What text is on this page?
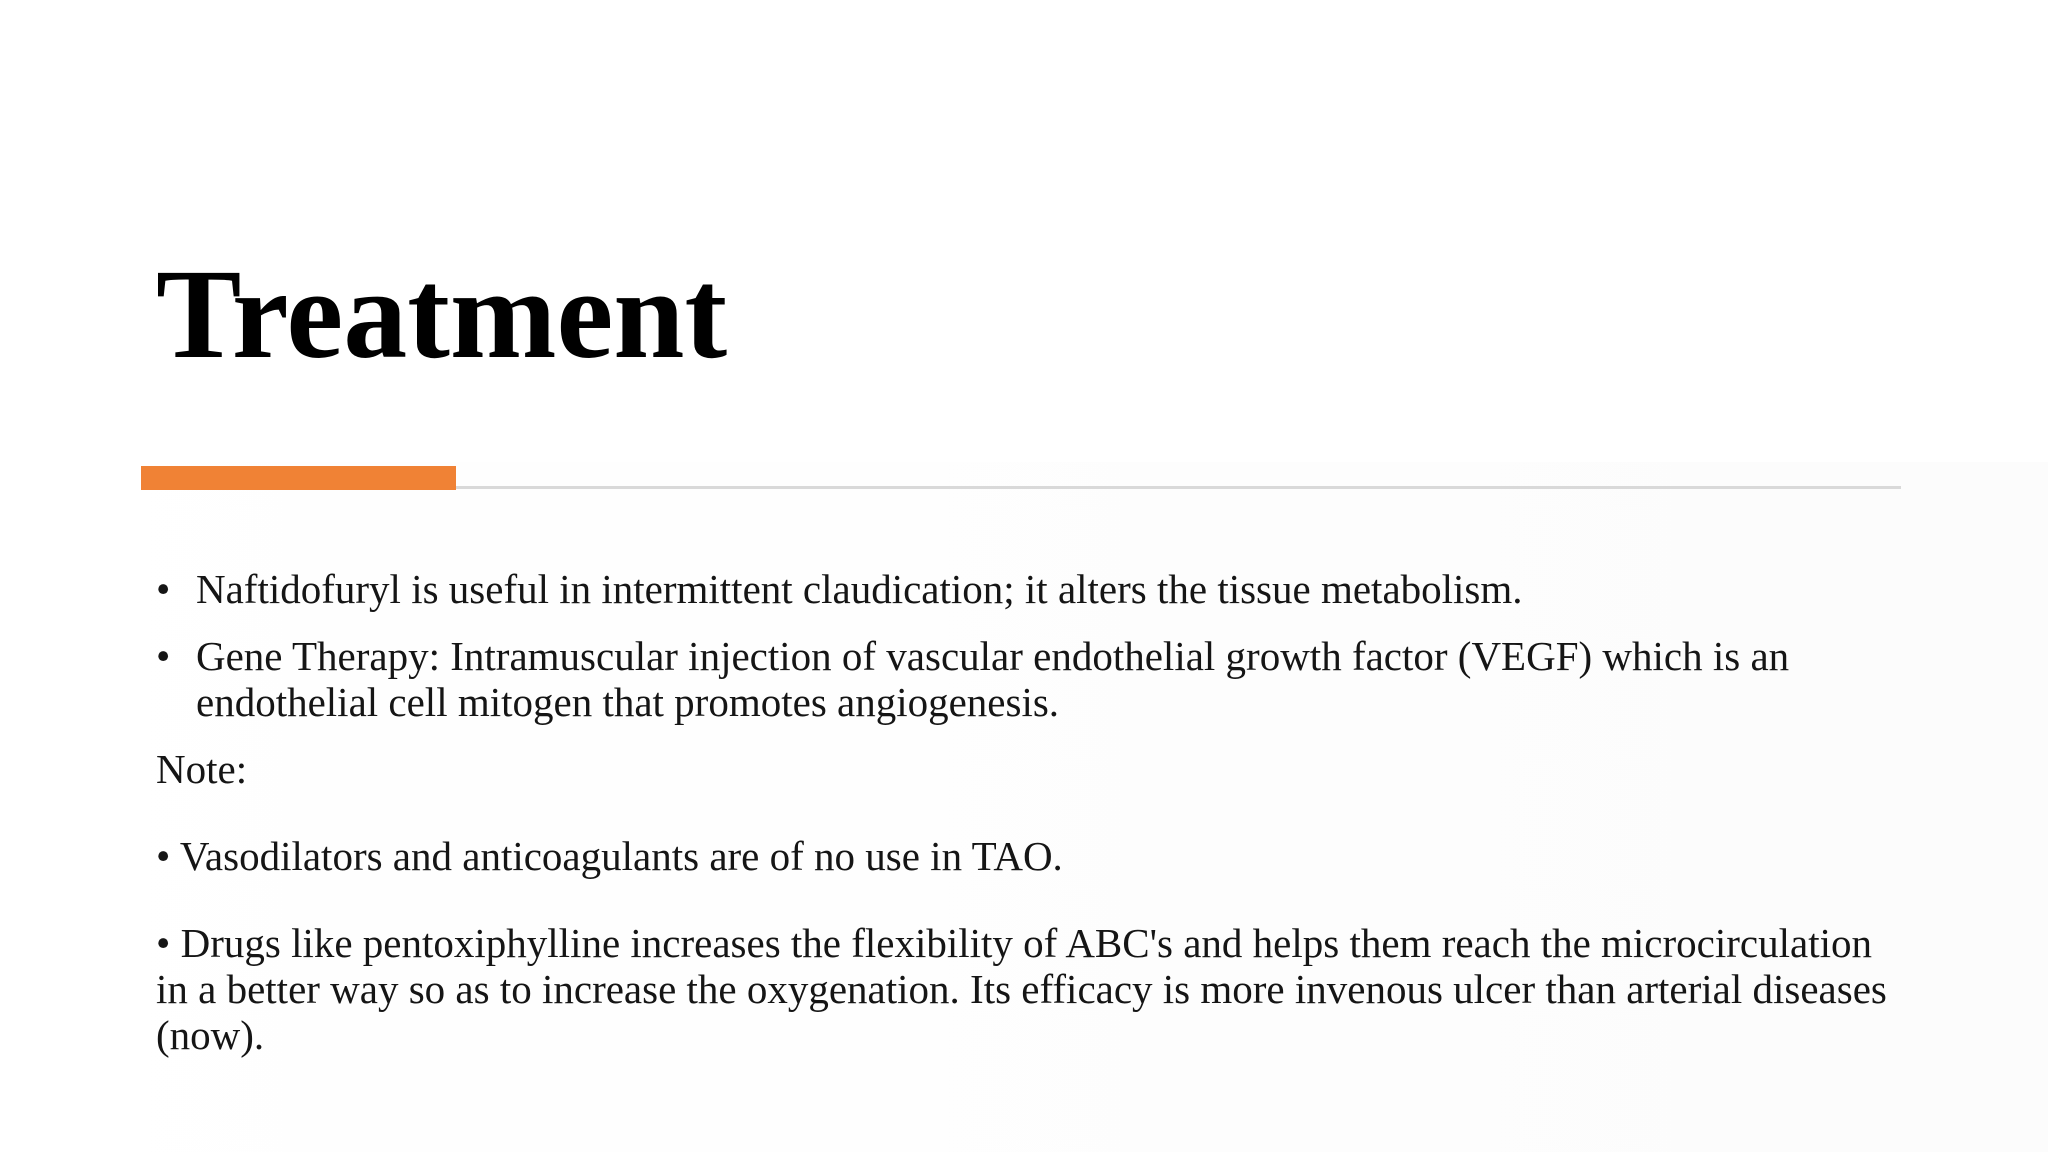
Treatment

• Naftidofuryl is useful in intermittent claudication; it alters the tissue metabolism.

• Gene Therapy: Intramuscular injection of vascular endothelial growth factor (VEGF) which is an endothelial cell mitogen that promotes angiogenesis.

Note:

• Vasodilators and anticoagulants are of no use in TAO.

• Drugs like pentoxiphylline increases the flexibility of ABC's and helps them reach the microcirculation in a better way so as to increase the oxygenation. Its efficacy is more invenous ulcer than arterial diseases (now).
